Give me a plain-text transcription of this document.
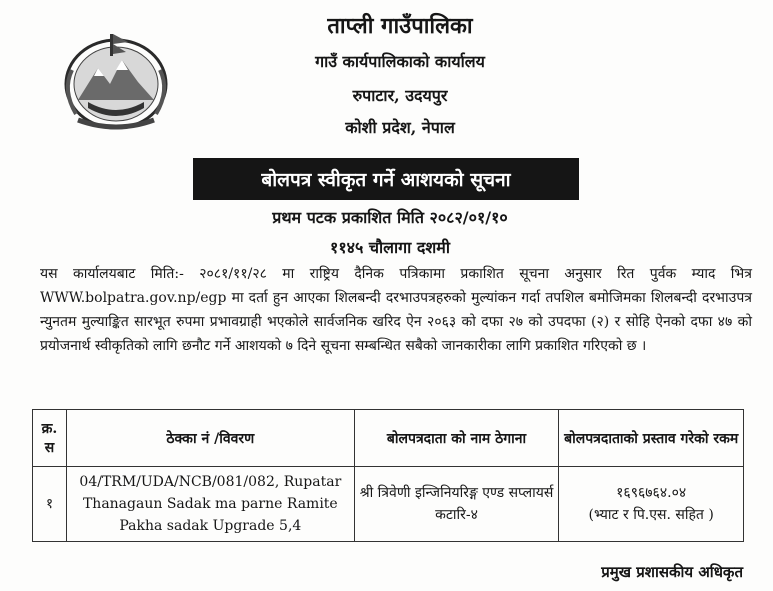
ताप्ली गाउँपालिका
गाउँ कार्यपालिकाको कार्यालय
रुपाटार, उदयपुर
कोशी प्रदेश, नेपाल
बोलपत्र स्वीकृत गर्ने आशयको सूचना
प्रथम पटक प्रकाशित मिति २०८२/०१/१०
११४५ चौलागा दशमी
यस कार्यालयबाट मिति:- २०८१/११/२८ मा राष्ट्रिय दैनिक पत्रिकामा प्रकाशित सूचना अनुसार रित पुर्वक म्याद भित्र WWW.bolpatra.gov.np/egp मा दर्ता हुन आएका शिलबन्दी दरभाउपत्रहरुको मुल्यांकन गर्दा तपशिल बमोजिमका शिलबन्दी दरभाउपत्र न्युनतम मुल्याङ्कित सारभूत रुपमा प्रभावग्राही भएकोले सार्वजनिक खरिद ऐन २०६३ को दफा २७ को उपदफा (२) र सोहि ऐनको दफा ४७ को प्रयोजनार्थ स्वीकृतिको लागि छनौट गर्ने आशयको ७ दिने सूचना सम्बन्धित सबैको जानकारीका लागि प्रकाशित गरिएको छ ।
क्र. स	ठेक्का नं /विवरण	बोलपत्रदाता को नाम ठेगाना	बोलपत्रदाताको प्रस्ताव गरेको रकम
१	04/TRM/UDA/NCB/081/082, Rupatar Thanagaun Sadak ma parne Ramite Pakha sadak Upgrade 5,4	श्री त्रिवेणी इन्जिनियरिङ्ग एण्ड सप्लायर्स कटारि-४	१६९६७६४.०४
(भ्याट र पि.एस. सहित )
प्रमुख प्रशासकीय अधिकृत
